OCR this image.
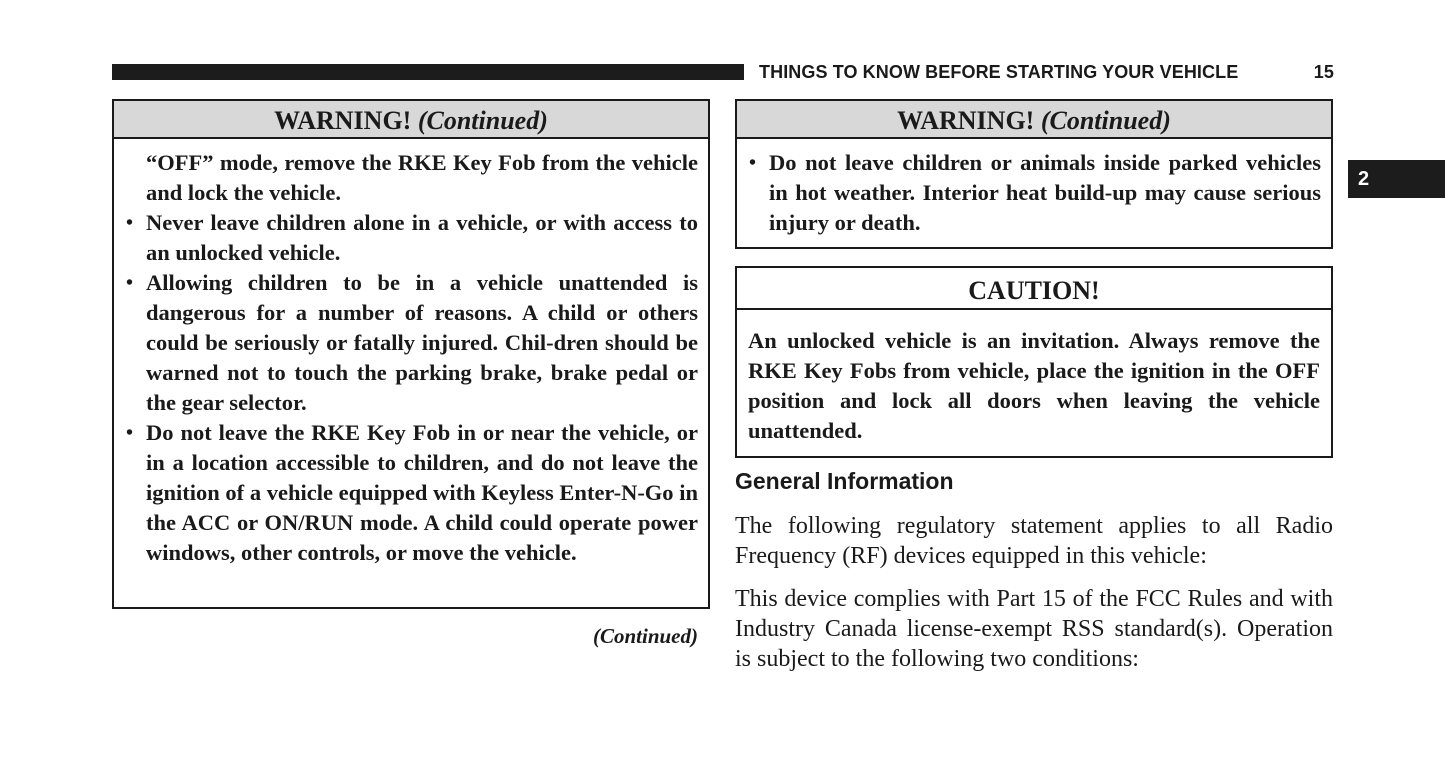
THINGS TO KNOW BEFORE STARTING YOUR VEHICLE	15
2
WARNING! (Continued)

“OFF” mode, remove the RKE Key Fob from the vehicle and lock the vehicle.

• Never leave children alone in a vehicle, or with access to an unlocked vehicle.
• Allowing children to be in a vehicle unattended is dangerous for a number of reasons. A child or others could be seriously or fatally injured. Chil-dren should be warned not to touch the parking brake, brake pedal or the gear selector.
• Do not leave the RKE Key Fob in or near the vehicle, or in a location accessible to children, and do not leave the ignition of a vehicle equipped with Keyless Enter-N-Go in the ACC or ON/RUN mode. A child could operate power windows, other controls, or move the vehicle.
(Continued)
WARNING! (Continued)
• Do not leave children or animals inside parked vehicles in hot weather. Interior heat build-up may cause serious injury or death.
CAUTION!

An unlocked vehicle is an invitation. Always remove the RKE Key Fobs from vehicle, place the ignition in the OFF position and lock all doors when leaving the vehicle unattended.

General Information

The following regulatory statement applies to all Radio Frequency (RF) devices equipped in this vehicle:

This device complies with Part 15 of the FCC Rules and with Industry Canada license-exempt RSS standard(s). Operation is subject to the following two conditions:
